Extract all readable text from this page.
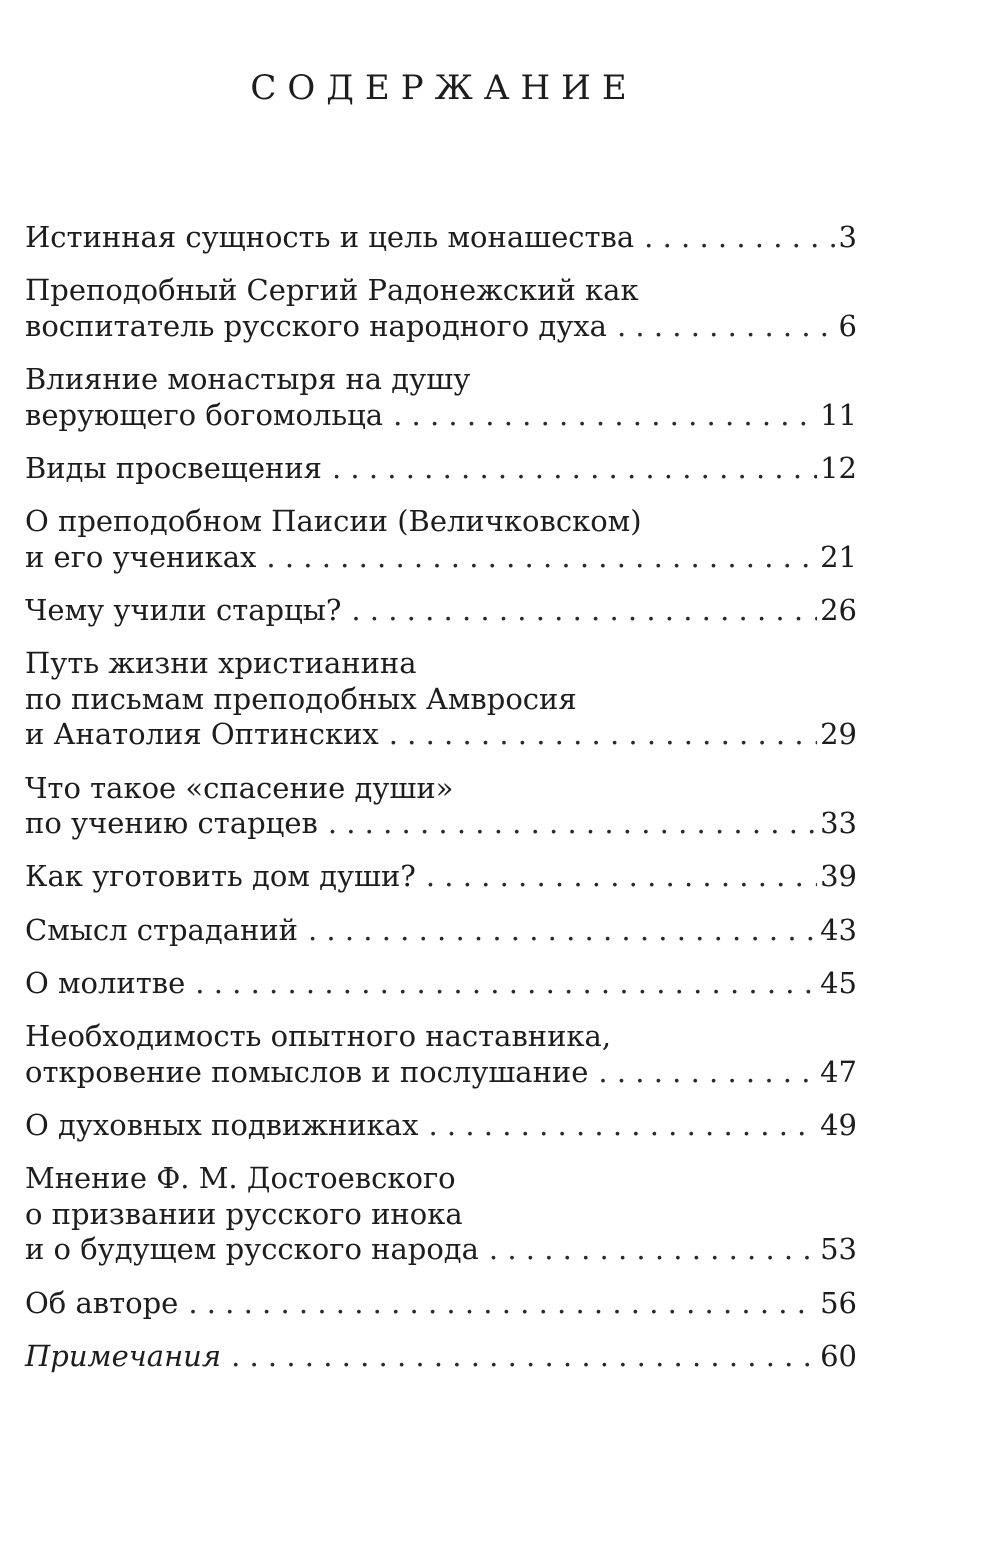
СОДЕРЖАНИЕ
Истинная сущность и цель монашества . . .	3
Преподобный Сергий Радонежский как
воспитатель русского народного духа . . .	6
Влияние монастыря на душу
верующего богомольца . . .	11
Виды просвещения . . .	12
О преподобном Паисии (Величковском)
и его учениках . . .	21
Чему учили старцы? . . .	26
Путь жизни христианина
по письмам преподобных Амвросия
и Анатолия Оптинских . . .	29
Что такое «спасение души»
по учению старцев . . .	33
Как уготовить дом души? . . .	39
Смысл страданий . . .	43
О молитве . . .	45
Необходимость опытного наставника,
откровение помыслов и послушание . . .	47
О духовных подвижниках . . .	49
Мнение Ф. М. Достоевского
о призвании русского инока
и о будущем русского народа . . .	53
Об авторе . . .	56
Примечания . . .	60
